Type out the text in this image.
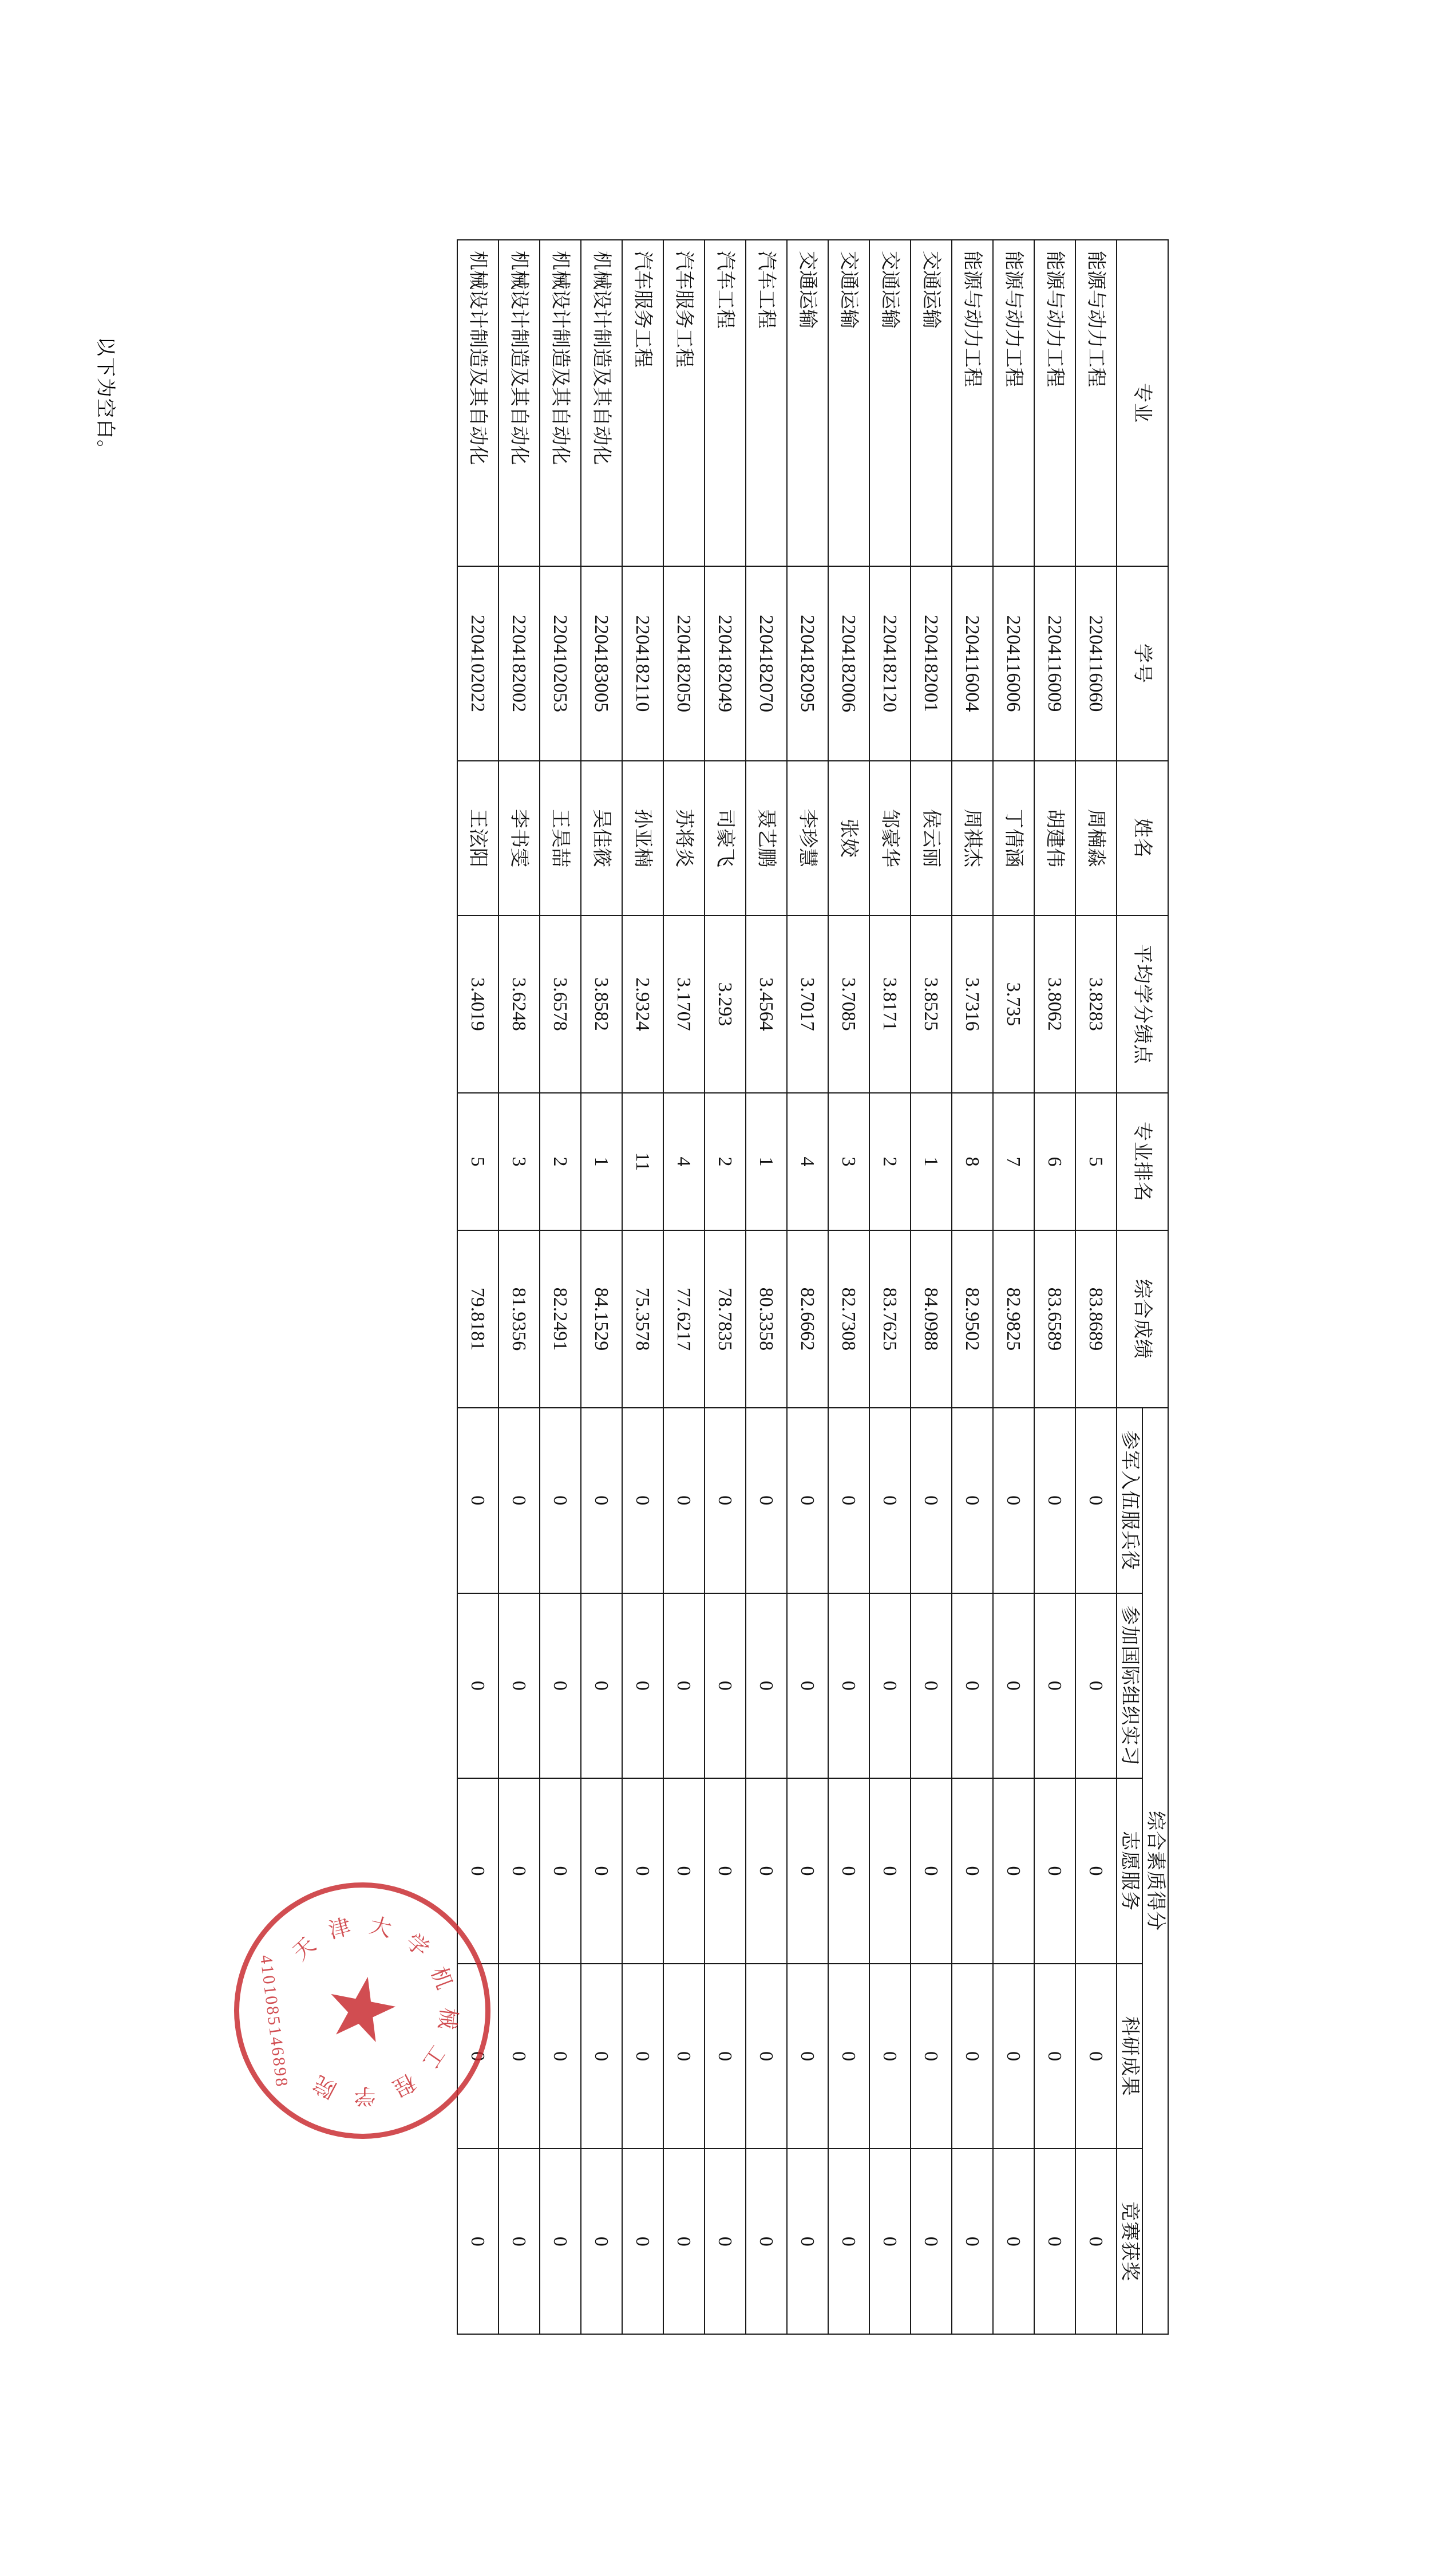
专业	学号	姓名	平均学分绩点	专业排名	综合成绩	综合素质得分				
						参军入伍服兵役	参加国际组织实习	志愿服务	科研成果	竞赛获奖
能源与动力工程	2204116060	周楠淼	3.8283	5	83.8689	0	0	0	0	0
能源与动力工程	2204116009	胡建伟	3.8062	6	83.6589	0	0	0	0	0
能源与动力工程	2204116006	丁倩涵	3.735	7	82.9825	0	0	0	0	0
能源与动力工程	2204116004	周祺杰	3.7316	8	82.9502	0	0	0	0	0
交通运输	2204182001	侯云丽	3.8525	1	84.0988	0	0	0	0	0
交通运输	2204182120	邹豪华	3.8171	2	83.7625	0	0	0	0	0
交通运输	2204182006	张姣	3.7085	3	82.7308	0	0	0	0	0
交通运输	2204182095	李珍慧	3.7017	4	82.6662	0	0	0	0	0
汽车工程	2204182070	聂艺鹏	3.4564	1	80.3358	0	0	0	0	0
汽车工程	2204182049	司豪飞	3.293	2	78.7835	0	0	0	0	0
汽车服务工程	2204182050	苏将炎	3.1707	4	77.6217	0	0	0	0	0
汽车服务工程	2204182110	孙亚楠	2.9324	11	75.3578	0	0	0	0	0
机械设计制造及其自动化	2204183005	吴佳筱	3.8582	1	84.1529	0	0	0	0	0
机械设计制造及其自动化	2204102053	王昊喆	3.6578	2	82.2491	0	0	0	0	0
机械设计制造及其自动化	2204182002	李书雯	3.6248	3	81.9356	0	0	0	0	0
机械设计制造及其自动化	2204102022	王泫阳	3.4019	5	79.8181	0	0	0	0	0
以下为空白。
天
津 大
学
机
械
工
程
学
院
★
4101085146898
